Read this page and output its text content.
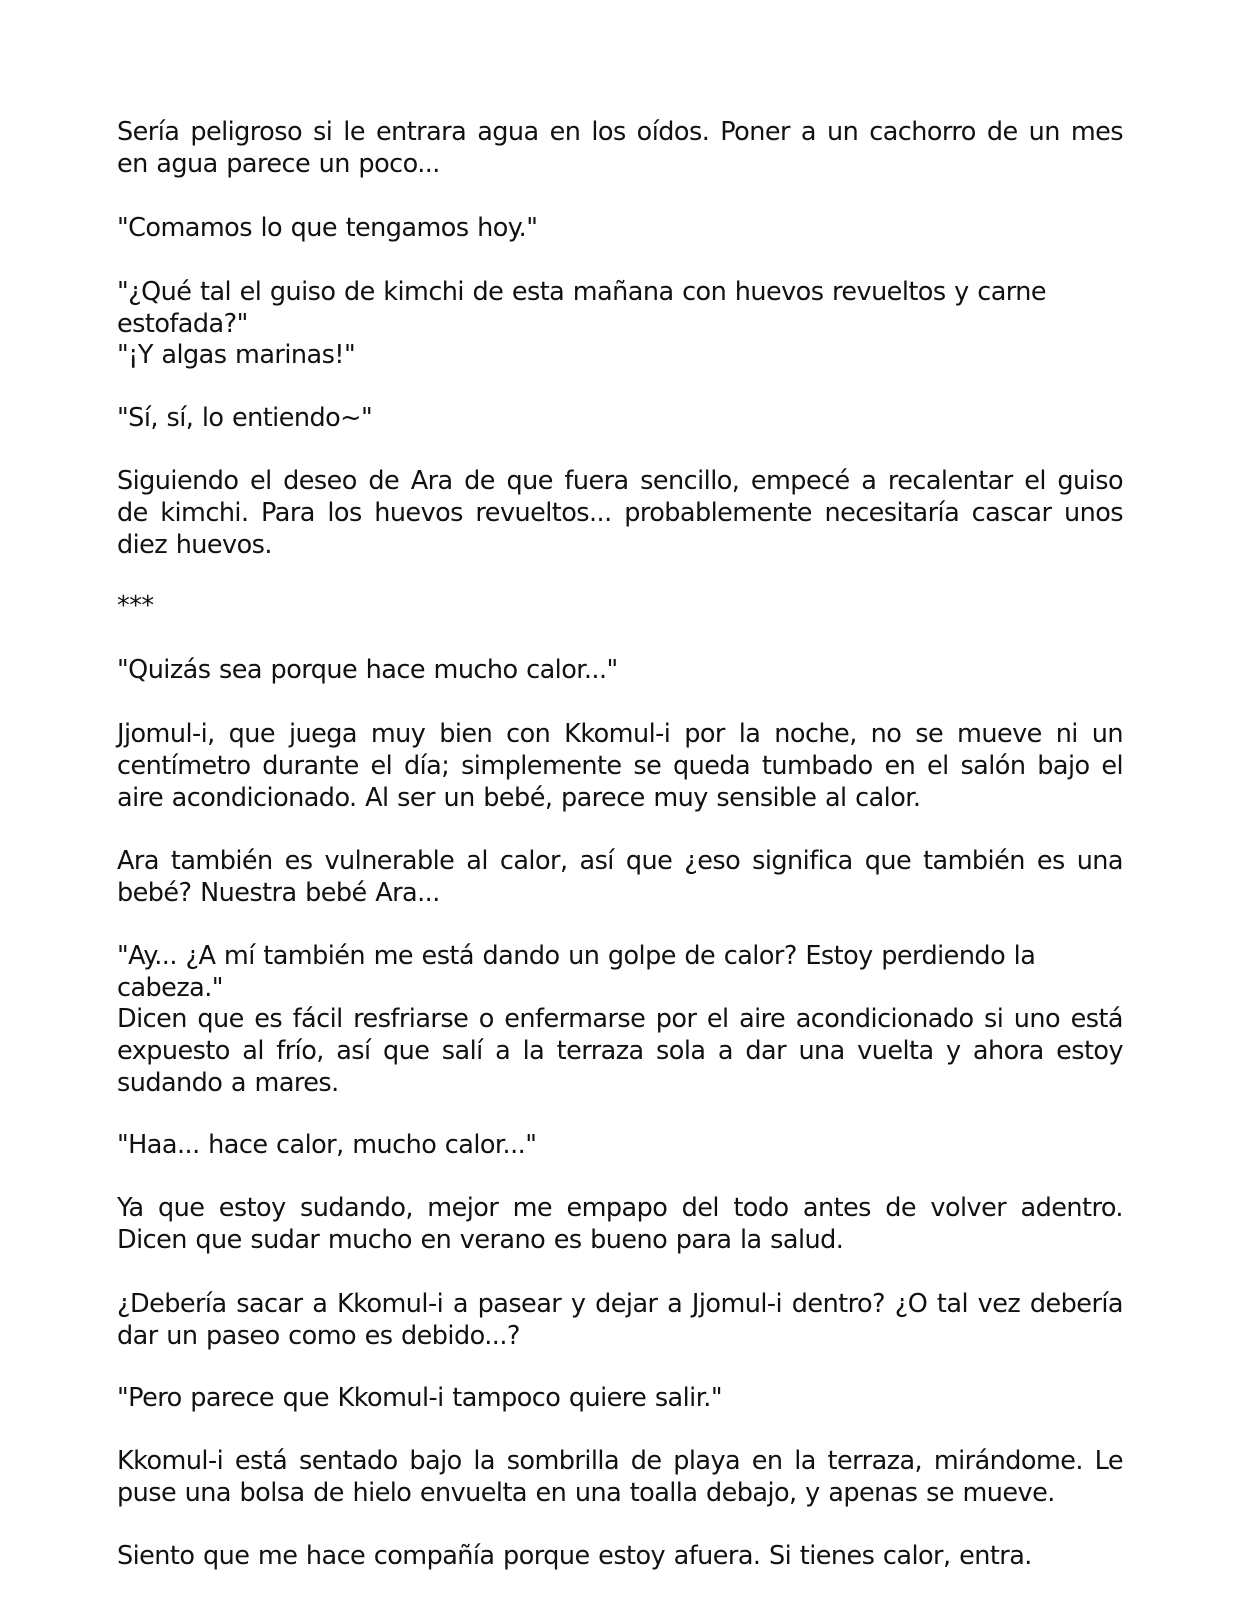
Sería peligroso si le entrara agua en los oídos. Poner a un cachorro de un mes en agua parece un poco...

"Comamos lo que tengamos hoy."

"¿Qué tal el guiso de kimchi de esta mañana con huevos revueltos y carne estofada?"

"¡Y algas marinas!"

"Sí, sí, lo entiendo~"

Siguiendo el deseo de Ara de que fuera sencillo, empecé a recalentar el guiso de kimchi. Para los huevos revueltos... probablemente necesitaría cascar unos diez huevos.

***

"Quizás sea porque hace mucho calor..."

Jjomul-i, que juega muy bien con Kkomul-i por la noche, no se mueve ni un centímetro durante el día; simplemente se queda tumbado en el salón bajo el aire acondicionado. Al ser un bebé, parece muy sensible al calor.

Ara también es vulnerable al calor, así que ¿eso significa que también es una bebé? Nuestra bebé Ara...

"Ay... ¿A mí también me está dando un golpe de calor? Estoy perdiendo la cabeza."

Dicen que es fácil resfriarse o enfermarse por el aire acondicionado si uno está expuesto al frío, así que salí a la terraza sola a dar una vuelta y ahora estoy sudando a mares.

"Haa... hace calor, mucho calor..."

Ya que estoy sudando, mejor me empapo del todo antes de volver adentro. Dicen que sudar mucho en verano es bueno para la salud.

¿Debería sacar a Kkomul-i a pasear y dejar a Jjomul-i dentro? ¿O tal vez debería dar un paseo como es debido...?

"Pero parece que Kkomul-i tampoco quiere salir."

Kkomul-i está sentado bajo la sombrilla de playa en la terraza, mirándome. Le puse una bolsa de hielo envuelta en una toalla debajo, y apenas se mueve.

Siento que me hace compañía porque estoy afuera. Si tienes calor, entra.
